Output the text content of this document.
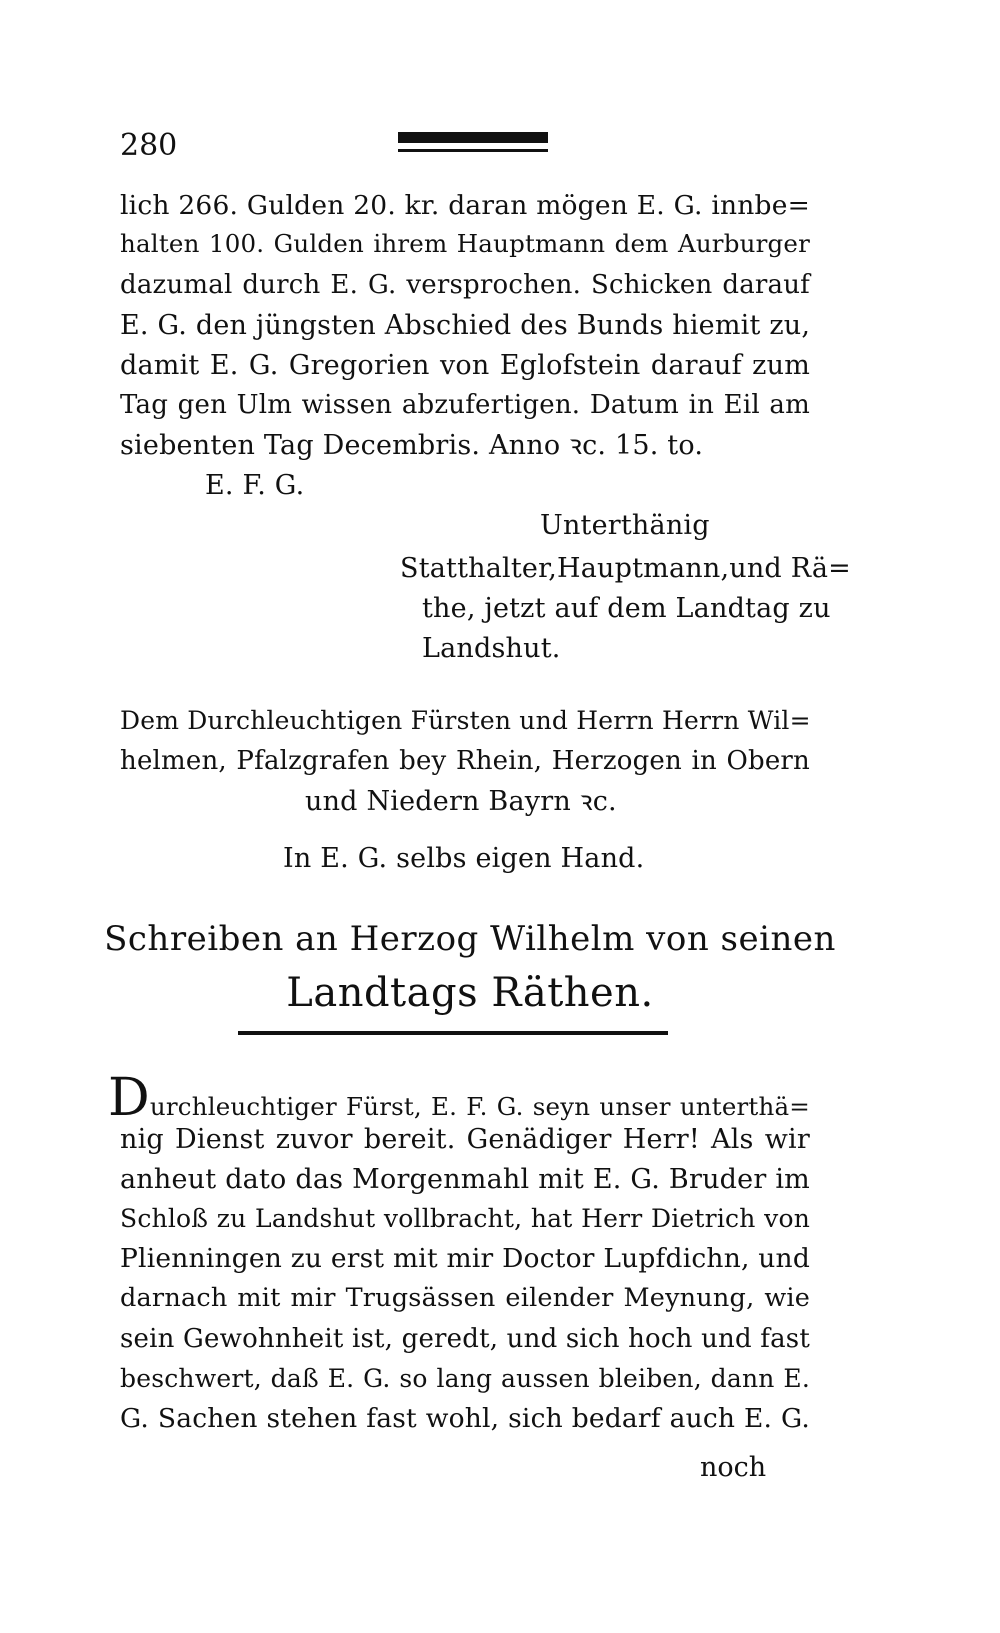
280
lich 266. Gulden 20. kr. daran mögen E. G. innbe=
halten 100. Gulden ihrem Hauptmann dem Aurburger
dazumal durch E. G. versprochen. Schicken darauf
E. G. den jüngsten Abschied des Bunds hiemit zu,
damit E. G. Gregorien von Eglofstein darauf zum
Tag gen Ulm wissen abzufertigen. Datum in Eil am
siebenten Tag Decembris. Anno ꝛc. 15. to.
E. F. G.
Unterthänig
Statthalter,Hauptmann,und Rä=
the, jetzt auf dem Landtag zu
Landshut.
Dem Durchleuchtigen Fürsten und Herrn Herrn Wil=
helmen, Pfalzgrafen bey Rhein, Herzogen in Obern
und Niedern Bayrn ꝛc.
In E. G. selbs eigen Hand.
Schreiben an Herzog Wilhelm von seinen
Landtags Räthen.
Durchleuchtiger Fürst, E. F. G. seyn unser unterthä=
nig Dienst zuvor bereit. Genädiger Herr! Als wir
anheut dato das Morgenmahl mit E. G. Bruder im
Schloß zu Landshut vollbracht, hat Herr Dietrich von
Plienningen zu erst mit mir Doctor Lupfdichn, und
darnach mit mir Trugsässen eilender Meynung, wie
sein Gewohnheit ist, geredt, und sich hoch und fast
beschwert, daß E. G. so lang aussen bleiben, dann E.
G. Sachen stehen fast wohl, sich bedarf auch E. G.
noch
